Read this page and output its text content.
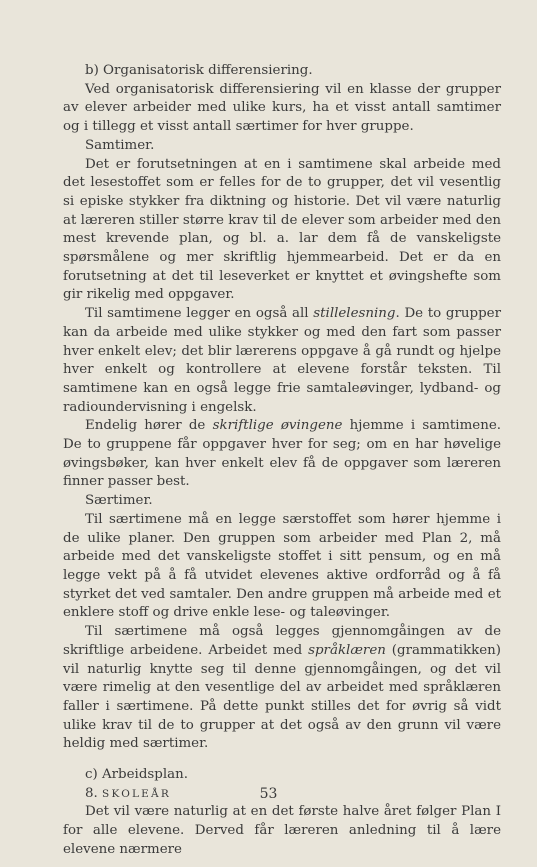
b) Organisatorisk differensiering.

Ved organisatorisk differensiering vil en klasse der grupper av elever arbeider med ulike kurs, ha et visst antall samtimer og i tillegg et visst antall særtimer for hver gruppe.

Samtimer.

Det er forutsetningen at en i samtimene skal arbeide med det lesestoffet som er felles for de to grupper, det vil vesentlig si episke stykker fra diktning og historie. Det vil være naturlig at læreren stiller større krav til de elever som arbeider med den mest krevende plan, og bl. a. lar dem få de vanskeligste spørsmålene og mer skriftlig hjemmearbeid. Det er da en forutsetning at det til leseverket er knyttet et øvingshefte som gir rikelig med oppgaver.

Til samtimene legger en også all stillelesning. De to grupper kan da arbeide med ulike stykker og med den fart som passer hver enkelt elev; det blir lærerens oppgave å gå rundt og hjelpe hver enkelt og kontrollere at elevene forstår teksten. Til samtimene kan en også legge frie samtaleøvinger, lydband- og radioundervisning i engelsk.

Endelig hører de skriftlige øvingene hjemme i samtimene. De to gruppene får oppgaver hver for seg; om en har høvelige øvingsbøker, kan hver enkelt elev få de oppgaver som læreren finner passer best.

Særtimer.

Til særtimene må en legge særstoffet som hører hjemme i de ulike planer. Den gruppen som arbeider med Plan 2, må arbeide med det vanskeligste stoffet i sitt pensum, og en må legge vekt på å få utvidet elevenes aktive ordforråd og å få styrket det ved samtaler. Den andre gruppen må arbeide med et enklere stoff og drive enkle lese- og taleøvinger.

Til særtimene må også legges gjennomgåingen av de skriftlige arbeidene. Arbeidet med språklæren (grammatikken) vil naturlig knytte seg til denne gjennomgåingen, og det vil være rimelig at den vesentlige del av arbeidet med språklæren faller i særtimene. På dette punkt stilles det for øvrig så vidt ulike krav til de to grupper at det også av den grunn vil være heldig med særtimer.

c) Arbeidsplan.

8. SKOLEÅR

Det vil være naturlig at en det første halve året følger Plan I for alle elevene. Derved får læreren anledning til å lære elevene nærmere

53
